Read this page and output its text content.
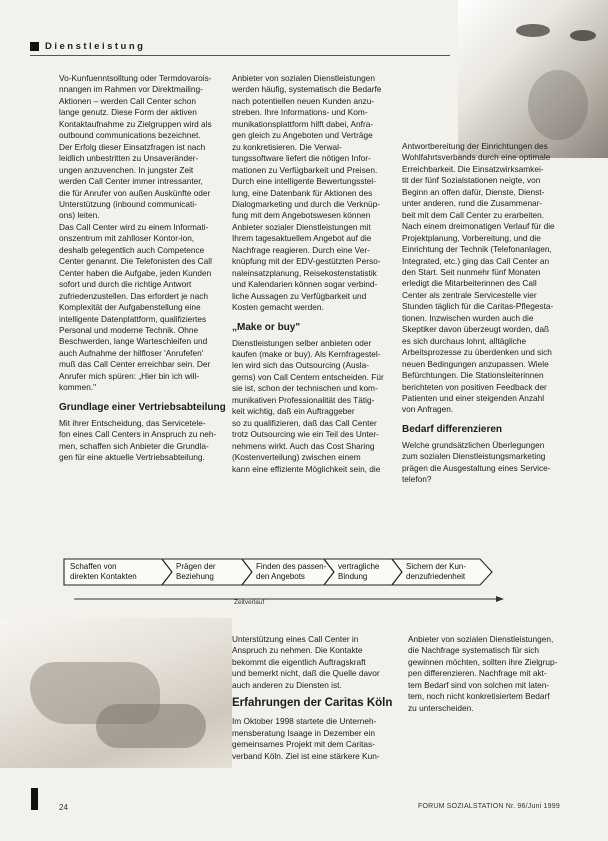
Dienstleistung
Vo-Kunfuenntsolltung oder Termdovarois-
nnangen im Rahmen vor Direktmailing-
Aktionen – werden Call Center schon
lange genutz. Diese Form der aktiven
Kontaktaufnahme zu Zielgruppen wird als
outbound communications bezeichnet.
Der Erfolg dieser Einsatzfragen ist nach
leidlich unbestritten zu Unsaveränder-
ungen anzuvenchen. In jungster Zeit
werden Call Center immer intressanter,
die für Anrufer von außen Auskünfte oder
Unterstützung (inbound communicati-
ons) leiten.
Das Call Center wird zu einem Informati-
onszentrum mit zahlloser Kontor-ion,
deshalb gelegentlich auch Competence
Center genannt. Die Telefonisten des Call
Center haben die Aufgabe, jeden Kunden
sofort und durch die richtige Antwort
zufriedenzustellen. Das erfordert je nach
Komplexität der Aufgabenstellung eine
intelligente Datenplattform, qualifiziertes
Personal und moderne Technik. Ohne
Beschwerden, lange Warteschleifen und
auch Aufnahme der hilfloser 'Anrufefen'
muß das Call Center erreichbar sein. Der
Anrufer mich spüren: „Hier bin ich will-
kommen."

Grundlage einer Vertriebsabteilung

Mit ihrer Entscheidung, das Servicetele-
fon eines Call Centers in Anspruch zu neh-
men, schaffen sich Anbieter die Grundla-
gen für eine aktuelle Vertriebsabteilung.
Anbieter von sozialen Dienstleistungen
werden häufig, systematisch die Bedarfe
nach potentiellen neuen Kunden anzu-
streben. Ihre Informations- und Kom-
munikationsplattform hilft dabei, Anfra-
gen gleich zu Angeboten und Verträge
zu konkretisieren. Die Verwal-
tungssoftware liefert die nötigen Infor-
mationen zu Verfügbarkeit und Preisen.
Durch eine intelligente Bewertungsstel-
lung, eine Datenbank für Aktionen des
Dialogmarketing und durch die Verknüp-
fung mit dem Angebotswesen können
Anbieter sozialer Dienstleistungen mit
Ihrem tagesaktuellem Angebot auf die
Nachfrage reagieren. Durch eine Ver-
knüpfung mit der EDV-gestützten Perso-
naleinsatzplanung, Reisekostenstatistik
und Kalendarien können sogar verbind-
liche Aussagen zu Verfügbarkeit und
Kosten gemacht werden.

„Make or buy"

Dienstleistungen selber anbieten oder
kaufen (make or buy). Als Kernfragestel-
len wird sich das Outsourcing (Ausla-
gerns) von Call Centern entscheiden. Für
sie ist, schon der technischen und kom-
munikativen Professionalität des Tätig-
keit wichtig, daß ein Auftraggeber
so zu qualifizieren, daß das Call Center
trotz Outsourcing wie ein Teil des Unter-
nehmens wirkt. Auch das Cost Sharing
(Kostenverteilung) zwischen einem
kann eine effiziente Möglichkeit sein, die
Antwortbereitung der Einrichtungen des
Wohlfahrtsverbands durch eine optimale
Erreichbarkeit. Die Einsatzwirksamkei-
tit der fünf Sozialstationen neigte, von
Beginn an offen dafür, Dienste, Dienst-
unter anderen, rund die Zusammenar-
beit mit dem Call Center zu erarbeiten.
Nach einem dreimonatigen Verlauf für die
Projektplanung, Vorbereitung, und die
Einrichtung der Technik (Telefonanlagen,
Integrated, etc.) ging das Call Center an
den Start. Seit nunmehr fünf Monaten
erledigt die Mitarbeiterinnen des Call
Center als zentrale Servicestelle vier
Stunden täglich für die Caritas-Pflegesta-
tionen. Inzwischen wurden auch die
Skeptiker davon überzeugt worden, daß
es sich durchaus lohnt, alltägliche
Arbeitsprozesse zu überdenken und sich
neuen Bedingungen anzupassen. Wiele
Befürchtungen. Die Stationsleiterinnen
berichteten von positiven Feedback der
Patienten und einer steigenden Anzahl
von Anfragen.

Bedarf differenzieren

Welche grundsätzlichen Überlegungen
zum sozialen Dienstleistungsmarketing
prägen die Ausgestaltung eines Service-
telefon?
Schaffen von
direkten Kontakten
Prägen der
Beziehung
Finden des passen-
den Angebots
vertragliche
Bindung
Sichern der Kun-
denzufriedenheit
Zeitverlauf
Unterstützung eines Call Center in
Anspruch zu nehmen. Die Kontakte
bekommt die eigentlich Auftragskraft
und bemerkt nicht, daß die Quelle davor
auch anderen zu Diensten ist.

Erfahrungen der Caritas Köln

Im Oktober 1998 startete die Unterneh-
mensberatung Isaage in Dezember ein
gemeinsames Projekt mit dem Caritas-
verband Köln. Ziel ist eine stärkere Kun-
Anbieter von sozialen Dienstleistungen,
die Nachfrage systematisch für sich
gewinnen möchten, sollten ihre Zielgrup-
pen differenzieren. Nachfrage mit akt-
tem Bedarf sind von solchen mit laten-
tem, noch nicht konkretisiertem Bedarf
zu unterscheiden.
24	FORUM SOZIALSTATION Nr. 96/Juni 1999
